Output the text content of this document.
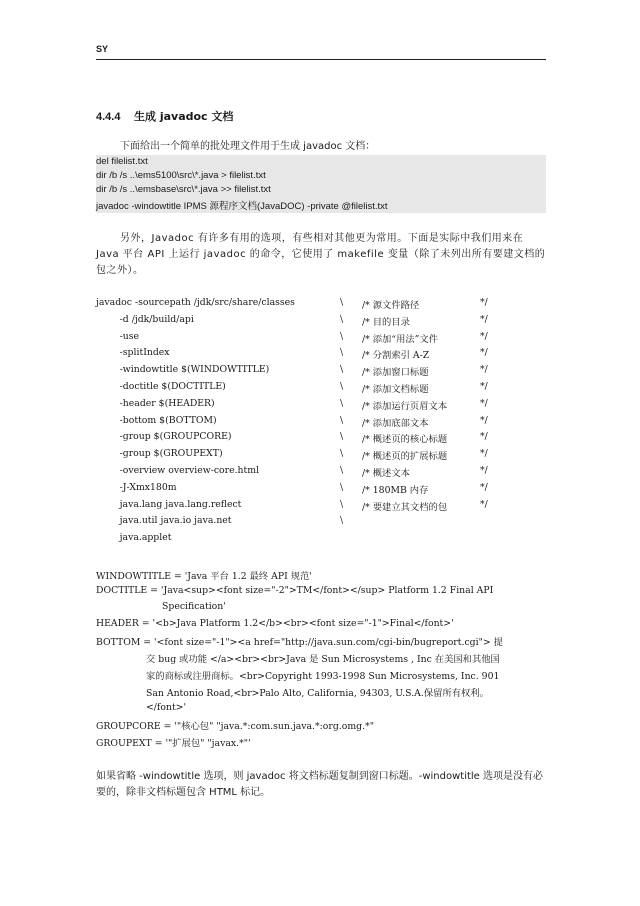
SY
4.4.4 生成 javadoc 文档
下面给出一个简单的批处理文件用于生成 javadoc 文档：
del filelist.txt
dir /b /s ..\ems5100\src\*.java > filelist.txt
dir /b /s ..\emsbase\src\*.java >> filelist.txt
javadoc -windowtitle IPMS 源程序文档(JavaDOC) -private @filelist.txt
另外，Javadoc 有许多有用的选项，有些相对其他更为常用。下面是实际中我们用来在 Java 平台 API 上运行 javadoc 的命令，它使用了 makefile 变量（除了未列出所有要建文档的包之外）。
javadoc -sourcepath /jdk/src/share/classes	\ /* 源文件路径	*/
-d /jdk/build/api	\ /* 目的目录	*/
-use	\ /* 添加“用法”文件	*/
-splitIndex	\ /* 分割索引 A-Z	*/
-windowtitle $(WINDOWTITLE)	\ /* 添加窗口标题	*/
-doctitle $(DOCTITLE)	\ /* 添加文档标题	*/
-header $(HEADER)	\ /* 添加运行页眉文本	*/
-bottom $(BOTTOM)	\ /* 添加底部文本	*/
-group $(GROUPCORE)	\ /* 概述页的核心标题	*/
-group $(GROUPEXT)	\ /* 概述页的扩展标题	*/
-overview overview-core.html	\ /* 概述文本	*/
-J-Xmx180m	\ /* 180MB 内存	*/
java.lang java.lang.reflect	\ /* 要建立其文档的包	*/
java.util java.io java.net	\
java.applet
WINDOWTITLE = 'Java 平台 1.2 最终 API 规范'
DOCTITLE = 'Java<sup><font size="-2">TM</font></sup> Platform 1.2 Final API
Specification'
HEADER = '<b>Java Platform 1.2</b><br><font size="-1">Final</font>'
BOTTOM = '<font size="-1"><a href="http://java.sun.com/cgi-bin/bugreport.cgi"> 提
交 bug 或功能 </a><br><br>Java 是 Sun Microsystems , Inc 在美国和其他国
家的商标或注册商标。<br>Copyright 1993-1998 Sun Microsystems, Inc. 901
San Antonio Road,<br>Palo Alto, California, 94303, U.S.A.保留所有权利。
</font>'
GROUPCORE = '"核心包" "java.*:com.sun.java.*:org.omg.*"
GROUPEXT = '"扩展包" "javax.*"'
如果省略 -windowtitle 选项，则 javadoc 将文档标题复制到窗口标题。-windowtitle 选项是没有必要的，除非文档标题包含 HTML 标记。
